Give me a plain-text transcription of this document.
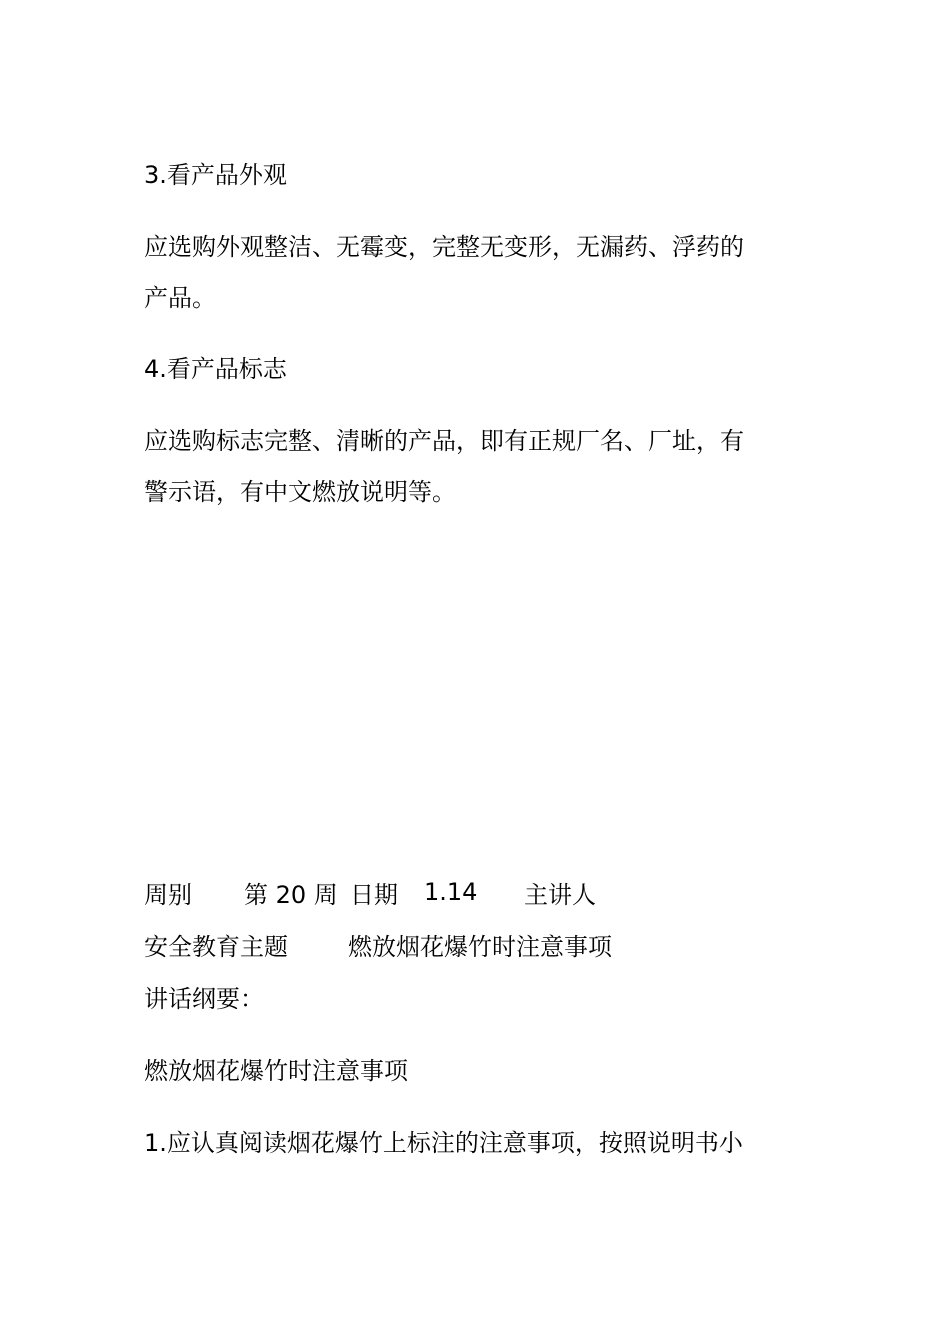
3.看产品外观
应选购外观整洁、无霉变，完整无变形，无漏药、浮药的
产品。
4.看产品标志
应选购标志完整、清晰的产品，即有正规厂名、厂址，有
警示语，有中文燃放说明等。
周别 第 20 周 日期 1.14 主讲人
安全教育主题	燃放烟花爆竹时注意事项
讲话纲要：
燃放烟花爆竹时注意事项
1.应认真阅读烟花爆竹上标注的注意事项，按照说明书小
